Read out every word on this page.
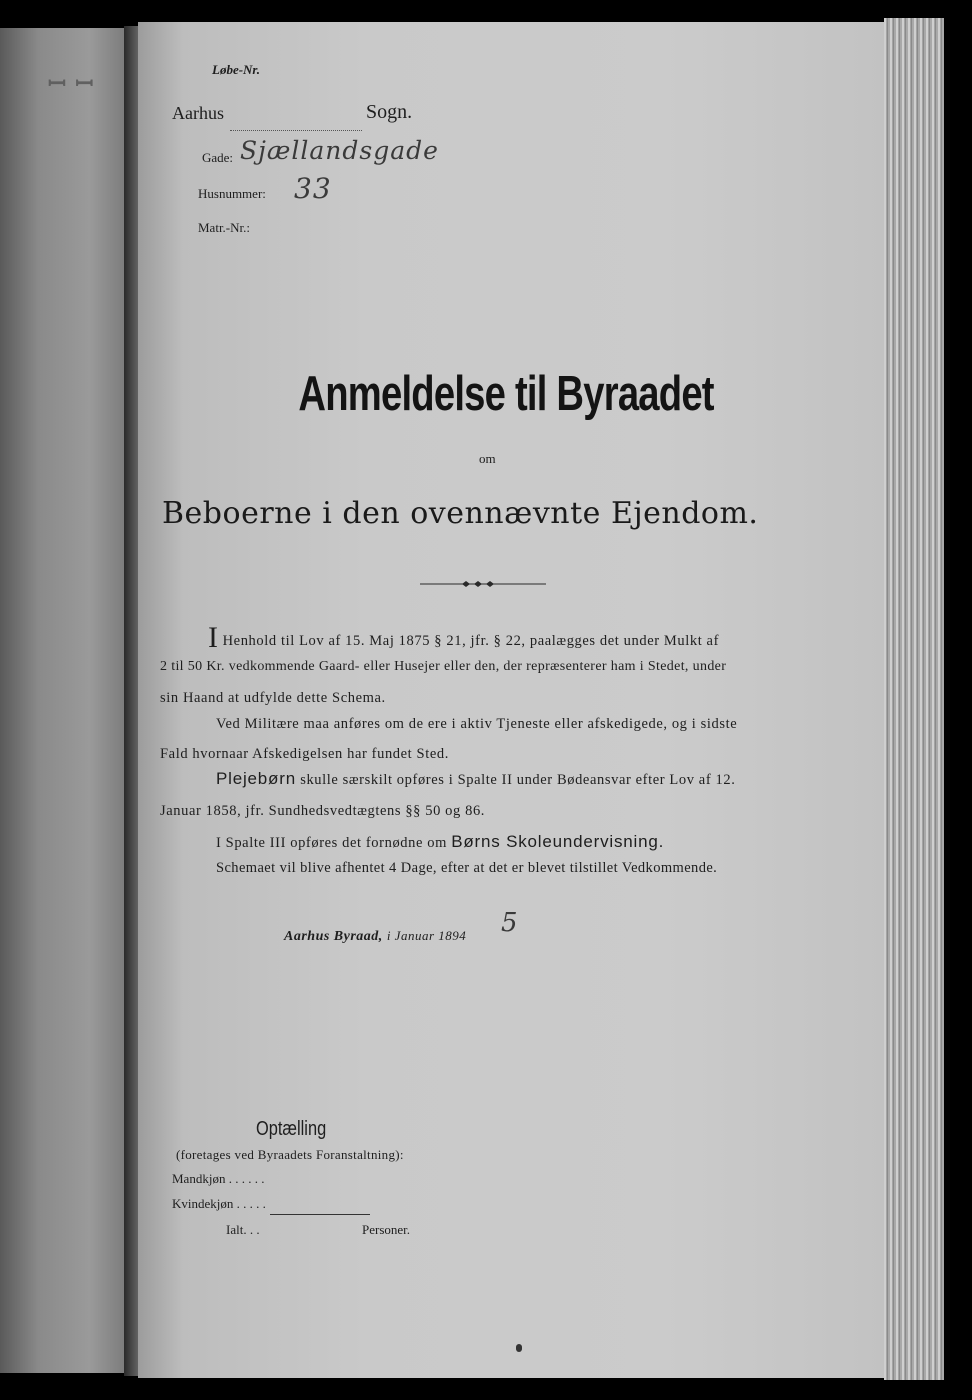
ꟷ ꟷ
Løbe-Nr.
Aarhus	Sogn.
Gade: Sjællandsgade
Husnummer: 33
Matr.-Nr.:
Anmeldelse til Byraadet
om
Beboerne i den ovennævnte Ejendom.
I Henhold til Lov af 15. Maj 1875 § 21, jfr. § 22, paalægges det under Mulkt af
2 til 50 Kr. vedkommende Gaard- eller Husejer eller den, der repræsenterer ham i Stedet, under
sin Haand at udfylde dette Schema.
Ved Militære maa anføres om de ere i aktiv Tjeneste eller afskedigede, og i sidste
Fald hvornaar Afskedigelsen har fundet Sted.
Plejebørn skulle særskilt opføres i Spalte II under Bødeansvar efter Lov af 12.
Januar 1858, jfr. Sundhedsvedtægtens §§ 50 og 86.
I Spalte III opføres det fornødne om Børns Skoleundervisning.
Schemaet vil blive afhentet 4 Dage, efter at det er blevet tilstillet Vedkommende.
Aarhus Byraad, i Januar 1894 5
Optælling
(foretages ved Byraadets Foranstaltning):
Mandkjøn . . . . . .
Kvindekjøn . . . . .
Ialt. . .	Personer.
